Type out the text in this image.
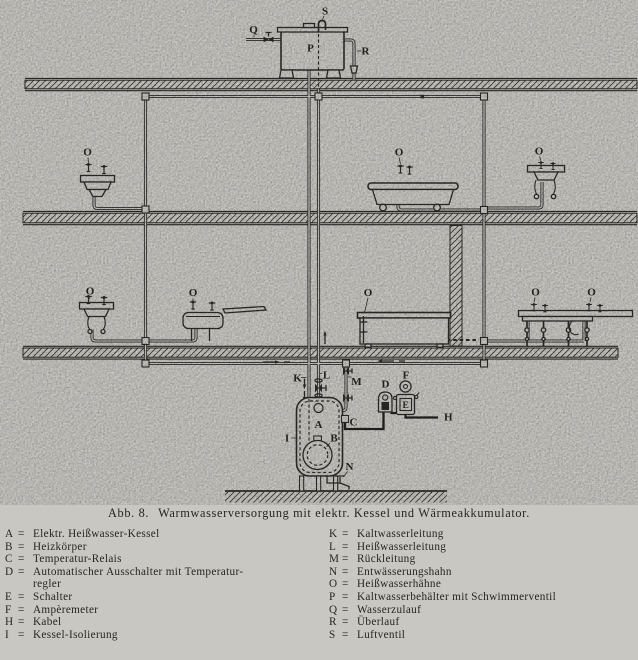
S
Q
P	R
O	O	O
O	O	O	O	O
K L
M D
F
E
C
A
B
I
N
H
Abb. 8. Warmwasserversorgung mit elektr. Kessel und Wärmeakkumulator.
A = Elektr. Heißwasser-Kessel
B = Heizkörper
C = Temperatur-Relais
D = Automatischer Ausschalter mit Temperatur-
regler
E = Schalter
F = Ampèremeter
H = Kabel
I = Kessel-Isolierung
K = Kaltwasserleitung
L = Heißwasserleitung
M = Rückleitung
N = Entwässerungshahn
O = Heißwasserhähne
P = Kaltwasserbehälter mit Schwimmerventil
Q = Wasserzulauf
R = Überlauf
S = Luftventil
